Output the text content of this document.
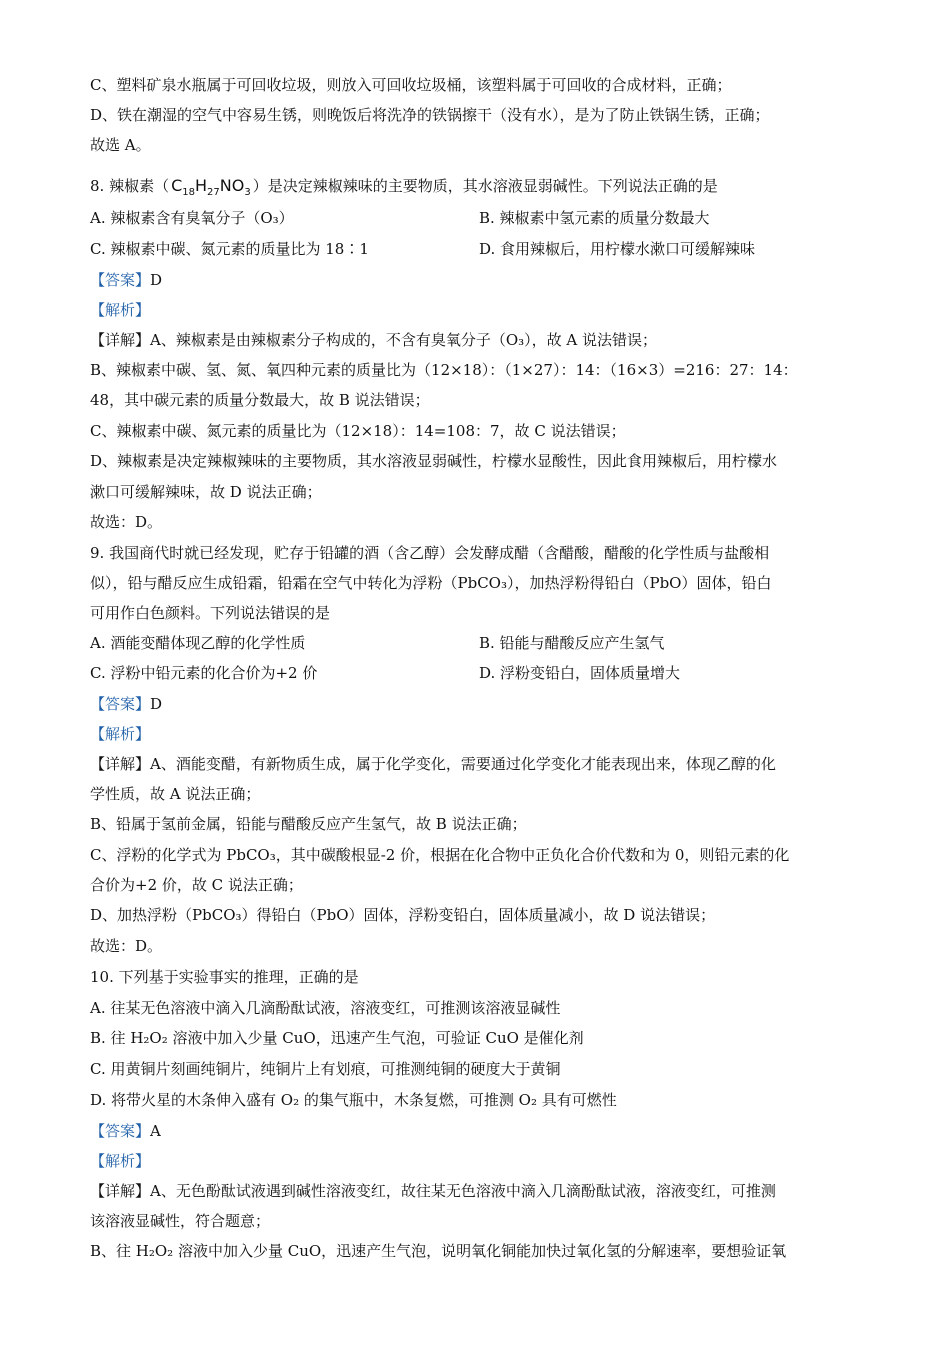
C、塑料矿泉水瓶属于可回收垃圾，则放入可回收垃圾桶，该塑料属于可回收的合成材料，正确；
D、铁在潮湿的空气中容易生锈，则晚饭后将洗净的铁锅擦干（没有水），是为了防止铁锅生锈，正确；
故选 A。
8. 辣椒素（ $C_{18}H_{27}NO_3$ ）是决定辣椒辣味的主要物质，其水溶液显弱碱性。下列说法正确的是
A. 辣椒素含有臭氧分子（O₃）	B. 辣椒素中氢元素的质量分数最大
C. 辣椒素中碳、氮元素的质量比为 18∶1	D. 食用辣椒后，用柠檬水漱口可缓解辣味
【答案】D
【解析】
【详解】A、辣椒素是由辣椒素分子构成的，不含有臭氧分子（O₃），故 A 说法错误；
B、辣椒素中碳、氢、氮、氧四种元素的质量比为（12×18）：（1×27）：14：（16×3）=216：27：14：
48，其中碳元素的质量分数最大，故 B 说法错误；
C、辣椒素中碳、氮元素的质量比为（12×18）：14=108：7，故 C 说法错误；
D、辣椒素是决定辣椒辣味的主要物质，其水溶液显弱碱性，柠檬水显酸性，因此食用辣椒后，用柠檬水
漱口可缓解辣味，故 D 说法正确；
故选：D。
9. 我国商代时就已经发现，贮存于铅罐的酒（含乙醇）会发酵成醋（含醋酸，醋酸的化学性质与盐酸相
似），铅与醋反应生成铅霜，铅霜在空气中转化为浮粉（PbCO₃），加热浮粉得铅白（PbO）固体，铅白
可用作白色颜料。下列说法错误的是
A. 酒能变醋体现乙醇的化学性质	B. 铅能与醋酸反应产生氢气
C. 浮粉中铅元素的化合价为+2 价	D. 浮粉变铅白，固体质量增大
【答案】D
【解析】
【详解】A、酒能变醋，有新物质生成，属于化学变化，需要通过化学变化才能表现出来，体现乙醇的化
学性质，故 A 说法正确；
B、铅属于氢前金属，铅能与醋酸反应产生氢气，故 B 说法正确；
C、浮粉的化学式为 PbCO₃，其中碳酸根显-2 价，根据在化合物中正负化合价代数和为 0，则铅元素的化
合价为+2 价，故 C 说法正确；
D、加热浮粉（PbCO₃）得铅白（PbO）固体，浮粉变铅白，固体质量减小，故 D 说法错误；
故选：D。
10. 下列基于实验事实的推理，正确的是
A. 往某无色溶液中滴入几滴酚酞试液，溶液变红，可推测该溶液显碱性
B. 往 H₂O₂ 溶液中加入少量 CuO，迅速产生气泡，可验证 CuO 是催化剂
C. 用黄铜片刻画纯铜片，纯铜片上有划痕，可推测纯铜的硬度大于黄铜
D. 将带火星的木条伸入盛有 O₂ 的集气瓶中，木条复燃，可推测 O₂ 具有可燃性
【答案】A
【解析】
【详解】A、无色酚酞试液遇到碱性溶液变红，故往某无色溶液中滴入几滴酚酞试液，溶液变红，可推测
该溶液显碱性，符合题意；
B、往 H₂O₂ 溶液中加入少量 CuO，迅速产生气泡，说明氧化铜能加快过氧化氢的分解速率，要想验证氧
